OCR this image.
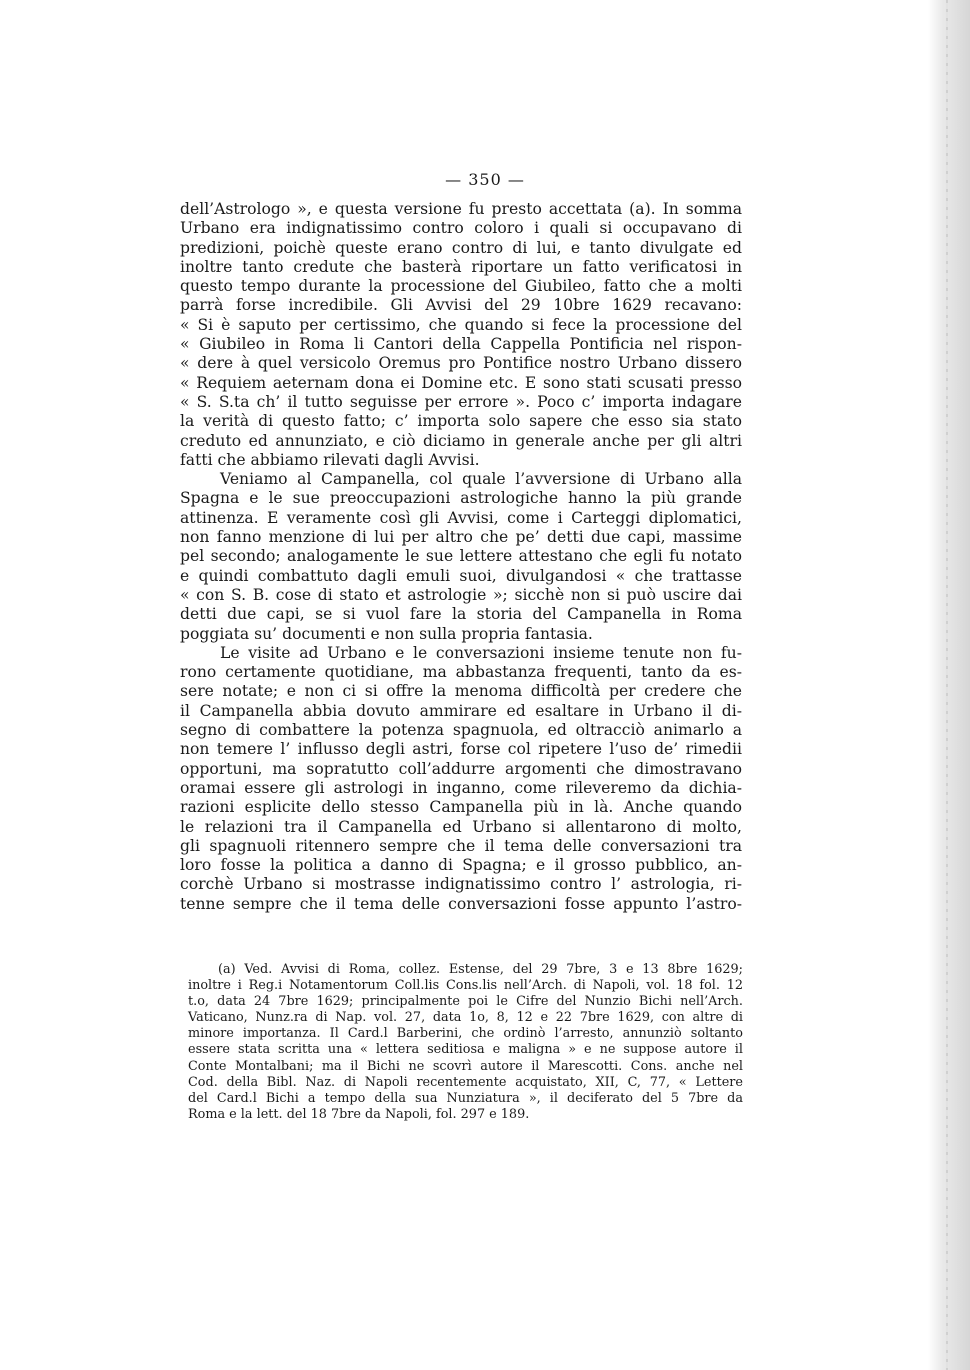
— 350 —
dell’Astrologo », e questa versione fu presto accettata (a). In somma
Urbano era indignatissimo contro coloro i quali si occupavano di
predizioni, poichè queste erano contro di lui, e tanto divulgate ed
inoltre tanto credute che basterà riportare un fatto verificatosi in
questo tempo durante la processione del Giubileo, fatto che a molti
parrà forse incredibile. Gli Avvisi del 29 10bre 1629 recavano:
« Si è saputo per certissimo, che quando si fece la processione del
« Giubileo in Roma li Cantori della Cappella Pontificia nel rispon-
« dere à quel versicolo Oremus pro Pontifice nostro Urbano dissero
« Requiem aeternam dona ei Domine etc. E sono stati scusati presso
« S. S.ta ch’ il tutto seguisse per errore ». Poco c’ importa indagare
la verità di questo fatto; c’ importa solo sapere che esso sia stato
creduto ed annunziato, e ciò diciamo in generale anche per gli altri
fatti che abbiamo rilevati dagli Avvisi.
Veniamo al Campanella, col quale l’avversione di Urbano alla
Spagna e le sue preoccupazioni astrologiche hanno la più grande
attinenza. E veramente così gli Avvisi, come i Carteggi diplomatici,
non fanno menzione di lui per altro che pe’ detti due capi, massime
pel secondo; analogamente le sue lettere attestano che egli fu notato
e quindi combattuto dagli emuli suoi, divulgandosi « che trattasse
« con S. B. cose di stato et astrologie »; sicchè non si può uscire dai
detti due capi, se si vuol fare la storia del Campanella in Roma
poggiata su’ documenti e non sulla propria fantasia.
Le visite ad Urbano e le conversazioni insieme tenute non fu-
rono certamente quotidiane, ma abbastanza frequenti, tanto da es-
sere notate; e non ci si offre la menoma difficoltà per credere che
il Campanella abbia dovuto ammirare ed esaltare in Urbano il di-
segno di combattere la potenza spagnuola, ed oltracciò animarlo a
non temere l’ influsso degli astri, forse col ripetere l’uso de’ rimedii
opportuni, ma sopratutto coll’addurre argomenti che dimostravano
oramai essere gli astrologi in inganno, come rileveremo da dichia-
razioni esplicite dello stesso Campanella più in là. Anche quando
le relazioni tra il Campanella ed Urbano si allentarono di molto,
gli spagnuoli ritennero sempre che il tema delle conversazioni tra
loro fosse la politica a danno di Spagna; e il grosso pubblico, an-
corchè Urbano si mostrasse indignatissimo contro l’ astrologia, ri-
tenne sempre che il tema delle conversazioni fosse appunto l’astro-
(a) Ved. Avvisi di Roma, collez. Estense, del 29 7bre, 3 e 13 8bre 1629;
inoltre i Reg.i Notamentorum Coll.lis Cons.lis nell’Arch. di Napoli, vol. 18 fol. 12
t.o, data 24 7bre 1629; principalmente poi le Cifre del Nunzio Bichi nell’Arch.
Vaticano, Nunz.ra di Nap. vol. 27, data 1o, 8, 12 e 22 7bre 1629, con altre di
minore importanza. Il Card.l Barberini, che ordinò l’arresto, annunziò soltanto
essere stata scritta una « lettera seditiosa e maligna » e ne suppose autore il
Conte Montalbani; ma il Bichi ne scovrì autore il Marescotti. Cons. anche nel
Cod. della Bibl. Naz. di Napoli recentemente acquistato, XII, C, 77, « Lettere
del Card.l Bichi a tempo della sua Nunziatura », il deciferato del 5 7bre da
Roma e la lett. del 18 7bre da Napoli, fol. 297 e 189.
